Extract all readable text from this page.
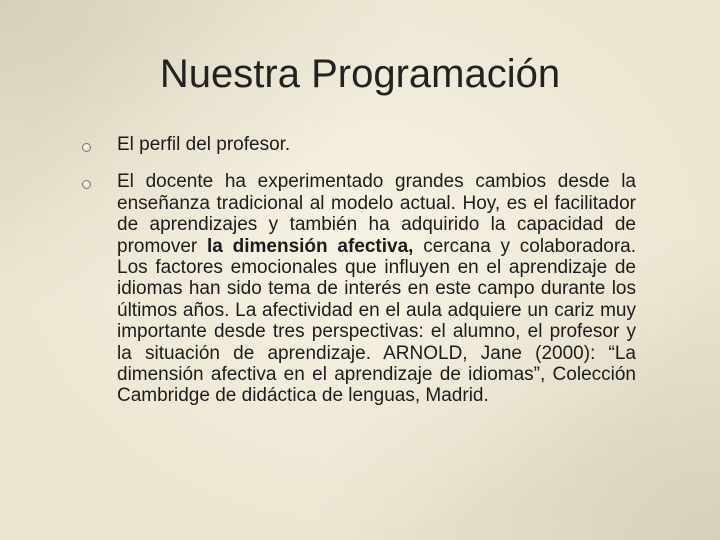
Nuestra Programación
El perfil del profesor.
El docente ha experimentado grandes cambios desde la enseñanza tradicional al modelo actual. Hoy, es el facilitador de aprendizajes y también ha adquirido la capacidad de promover la dimensión afectiva, cercana y colaboradora. Los factores emocionales que influyen en el aprendizaje de idiomas han sido tema de interés en este campo durante los últimos años. La afectividad en el aula adquiere un cariz muy importante desde tres perspectivas: el alumno, el profesor y la situación de aprendizaje. ARNOLD, Jane (2000): “La dimensión afectiva en el aprendizaje de idiomas”, Colección Cambridge de didáctica de lenguas, Madrid.
